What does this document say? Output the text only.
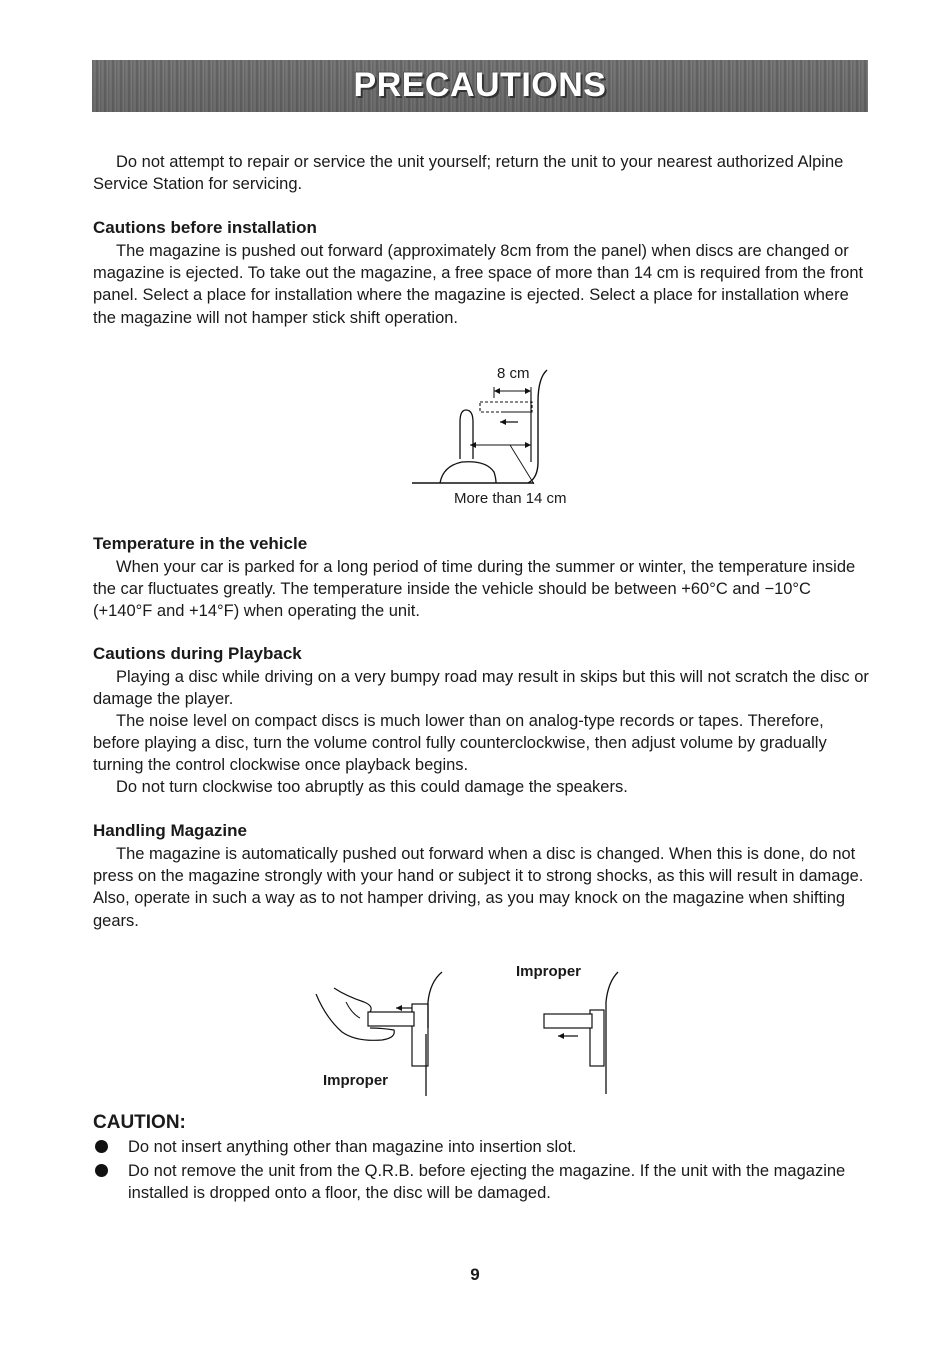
PRECAUTIONS

Do not attempt to repair or service the unit yourself; return the unit to your nearest authorized Alpine Service Station for servicing.

Cautions before installation

The magazine is pushed out forward (approximately 8cm from the panel) when discs are changed or magazine is ejected. To take out the magazine, a free space of more than 14 cm is required from the front panel. Select a place for installation where the magazine is ejected. Select a place for installation where the magazine will not hamper stick shift operation.

8 cm
More than 14 cm

Temperature in the vehicle

When your car is parked for a long period of time during the summer or winter, the temperature inside the car fluctuates greatly. The temperature inside the vehicle should be between +60°C and −10°C (+140°F and +14°F) when operating the unit.

Cautions during Playback

Playing a disc while driving on a very bumpy road may result in skips but this will not scratch the disc or damage the player.

The noise level on compact discs is much lower than on analog-type records or tapes. Therefore, before playing a disc, turn the volume control fully counterclockwise, then adjust volume by gradually turning the control clockwise once playback begins.

Do not turn clockwise too abruptly as this could damage the speakers.

Handling Magazine

The magazine is automatically pushed out forward when a disc is changed. When this is done, do not press on the magazine strongly with your hand or subject it to strong shocks, as this will result in damage. Also, operate in such a way as to not hamper driving, as you may knock on the magazine when shifting gears.

Improper
Improper
CAUTION:
Do not insert anything other than magazine into insertion slot.
Do not remove the unit from the Q.R.B. before ejecting the magazine. If the unit with the magazine installed is dropped onto a floor, the disc will be damaged.
9
